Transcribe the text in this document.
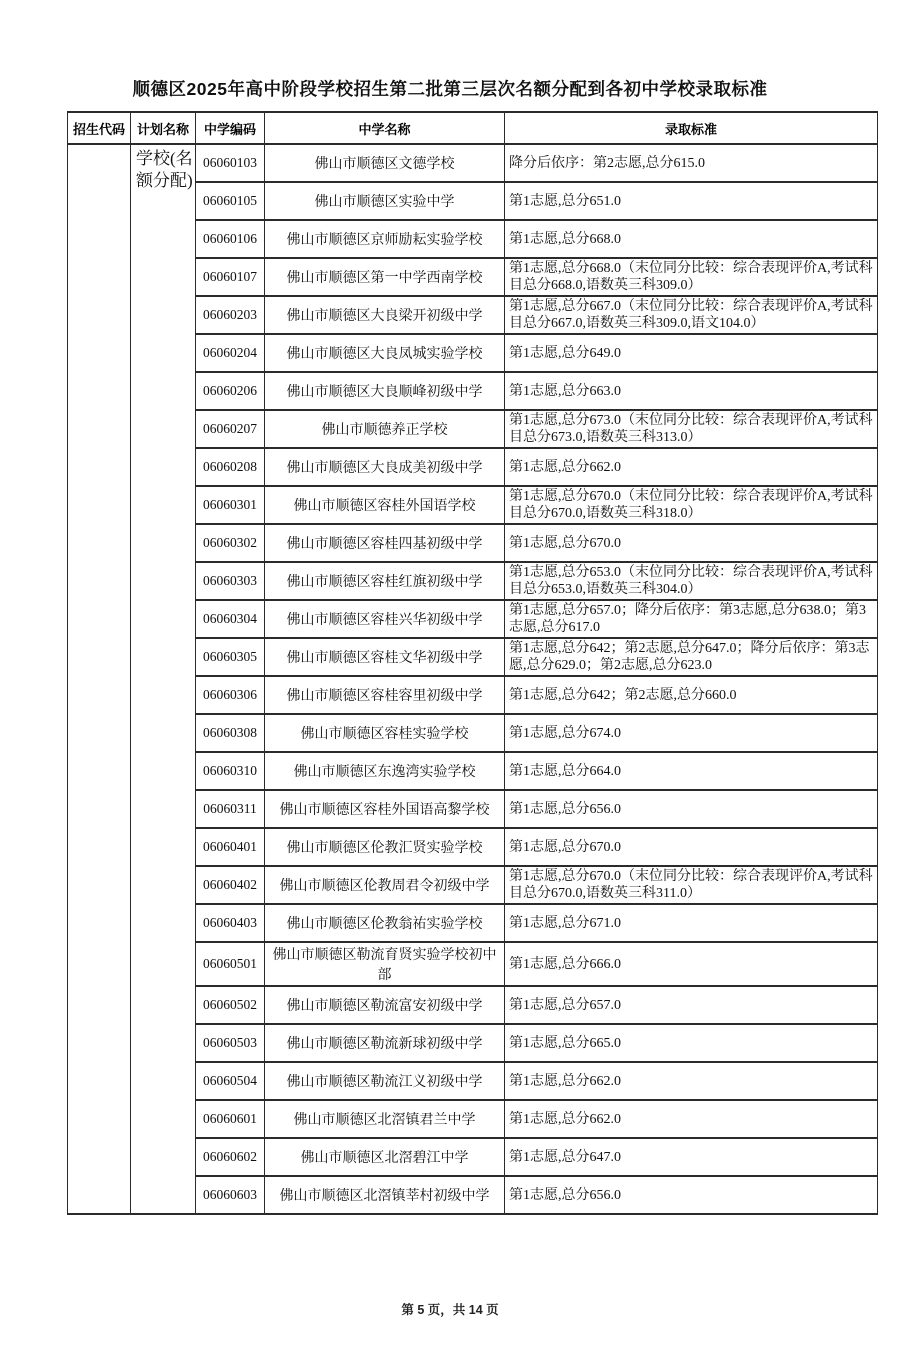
顺德区2025年高中阶段学校招生第二批第三层次名额分配到各初中学校录取标准
招生代码	计划名称	中学编码	中学名称	录取标准
	学校(名额分配)	06060103	佛山市顺德区文德学校	降分后依序：第2志愿,总分615.0
		06060105	佛山市顺德区实验中学	第1志愿,总分651.0
		06060106	佛山市顺德区京师励耘实验学校	第1志愿,总分668.0
		06060107	佛山市顺德区第一中学西南学校	第1志愿,总分668.0（末位同分比较：综合表现评价A,考试科目总分668.0,语数英三科309.0）
		06060203	佛山市顺德区大良梁开初级中学	第1志愿,总分667.0（末位同分比较：综合表现评价A,考试科目总分667.0,语数英三科309.0,语文104.0）
		06060204	佛山市顺德区大良凤城实验学校	第1志愿,总分649.0
		06060206	佛山市顺德区大良顺峰初级中学	第1志愿,总分663.0
		06060207	佛山市顺德养正学校	第1志愿,总分673.0（末位同分比较：综合表现评价A,考试科目总分673.0,语数英三科313.0）
		06060208	佛山市顺德区大良成美初级中学	第1志愿,总分662.0
		06060301	佛山市顺德区容桂外国语学校	第1志愿,总分670.0（末位同分比较：综合表现评价A,考试科目总分670.0,语数英三科318.0）
		06060302	佛山市顺德区容桂四基初级中学	第1志愿,总分670.0
		06060303	佛山市顺德区容桂红旗初级中学	第1志愿,总分653.0（末位同分比较：综合表现评价A,考试科目总分653.0,语数英三科304.0）
		06060304	佛山市顺德区容桂兴华初级中学	第1志愿,总分657.0；降分后依序：第3志愿,总分638.0；第3志愿,总分617.0
		06060305	佛山市顺德区容桂文华初级中学	第1志愿,总分642；第2志愿,总分647.0；降分后依序：第3志愿,总分629.0；第2志愿,总分623.0
		06060306	佛山市顺德区容桂容里初级中学	第1志愿,总分642；第2志愿,总分660.0
		06060308	佛山市顺德区容桂实验学校	第1志愿,总分674.0
		06060310	佛山市顺德区东逸湾实验学校	第1志愿,总分664.0
		06060311	佛山市顺德区容桂外国语高黎学校	第1志愿,总分656.0
		06060401	佛山市顺德区伦教汇贤实验学校	第1志愿,总分670.0
		06060402	佛山市顺德区伦教周君令初级中学	第1志愿,总分670.0（末位同分比较：综合表现评价A,考试科目总分670.0,语数英三科311.0）
		06060403	佛山市顺德区伦教翁祐实验学校	第1志愿,总分671.0
		06060501	佛山市顺德区勒流育贤实验学校初中部	第1志愿,总分666.0
		06060502	佛山市顺德区勒流富安初级中学	第1志愿,总分657.0
		06060503	佛山市顺德区勒流新球初级中学	第1志愿,总分665.0
		06060504	佛山市顺德区勒流江义初级中学	第1志愿,总分662.0
		06060601	佛山市顺德区北滘镇君兰中学	第1志愿,总分662.0
		06060602	佛山市顺德区北滘碧江中学	第1志愿,总分647.0
		06060603	佛山市顺德区北滘镇莘村初级中学	第1志愿,总分656.0
第 5 页，共 14 页
